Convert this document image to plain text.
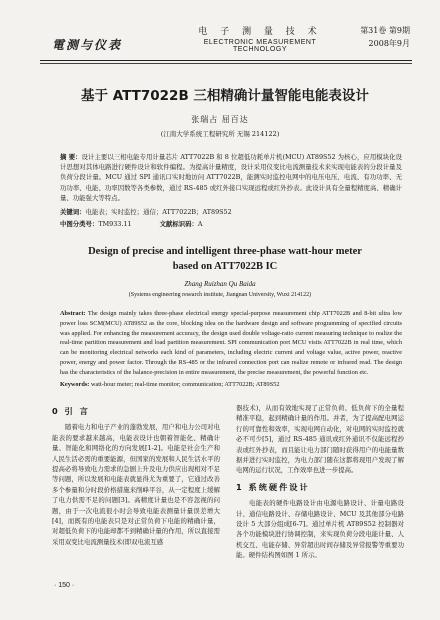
電测与仪表
电 子 测 量 技 术
ELECTRONIC MEASUREMENT TECHNOLOGY
第31卷 第9期
2008年9月
基于 ATT7022B 三相精确计量智能电能表设计
张瑞占 屈百达
(江南大学系统工程研究所 无锡 214122)
摘 要：设计主要以三相电能专用计量芯片 ATT7022B 和 8 位超低功耗单片机(MCU) AT89S52 为核心，应用模块化设计思想对其体电路进行硬件设计和软件编程。为提高计量精度，设计采用仪变比电流测量技术来实现电能表的分段计量及负荷分段计量。MCU 通过 SPI 通讯口实时地访问 ATT7022B，能测实时监控电网中的电压电压、电流、有功功率、无功功率、电能、功率因数等各类参数，通过 RS-485 或红外接口实现远程或红外抄表。此设计具有全量程精度高、精确计量、功能强大等特点。
关键词：电能表；实时监控；通信；ATT7022B；AT89S52
中图分类号：TM933.11	文献标识码：A
Design of precise and intelligent three-phase watt-hour meter
based on ATT7022B IC
Zhang Ruizhan Qu Baida
(Systems engineering research institute, Jiangnan University, Wuxi 214122)
Abstract: The design mainly takes three-phase electrical energy special-purpose measurement chip ATT7022B and 8-bit ultra low power loss SCM(MCU) AT89S52 as the core, blocking idea on the hardware design and software programming of specified circuits was applied. For enhancing the measurement accuracy, the design used double voltage-ratio current measuring technique to realize the real-time partition measurement and load partition measurement. SPI communication port MCU visits ATT7022B in real time, which can be monitoring electrical networks each kind of parameters, including electric current and voltage value, active power, reactive power, energy and power factor. Through the RS-485 or the infrared connection port can realize remote or infrared read. The design has the characteristics of the balance-precision in entire measurement, the precise measurement, the powerful function etc.
Keywords: watt-hour meter; real-time monitor; communication; ATT7022B; AT89S52
0 引 言

随着电力和电子产业的蓬勃发展，用户和电力公司对电能表的要求越来越高，电能表设计也朝着智能化、精确计量、智能化和网络化的方向发展[1-2]。电能是社会生产和人民生活必需的重要能源，但国家的发展和人民生活水平的提高必将导致电力需求的急剧上升及电力供应出现相对不足等问题，所以发展和电能表就显得尤为重要了，它通过改善多个参量和分时段价格措施来削峰平谷，从一定程度上缓解了电力供需不足的问题[3]。高精度计量也是不容忽视的问题，由于一次电流很小时会导致电能表测量计量误差增大[4]，而既有的电能表只是对正常负荷下电能的精确计量，对超低负荷下的电能却都不到精确计量的作用，所以直接需采用双变比电流测量技术(即双电流互感

器技术)，从而有效地实现了正常负荷、低负荷下的全量程精准平稳，起到精确计量的作用。并者，为了提高配电网运行的可靠性和效率，实现电网自动化，对电网的实时监控就必不可少[5]，通过 RS-485 通讯或红外通讯不仅能远程抄表或红外抄表，而且能让电力部门随时获得用户的电能量数据并进行实时监控，为电力部门随在这都将现用户发现了解电网的运行状况，工作效率也进一步提高。

1 系统硬件设计

电能表的硬件电路设计由电源电路设计、计量电路设计、通信电路设计、存储电路设计、MCU 及其他部分电路设计 5 大部分组成[6-7]。通过单片机 AT89S52 控制器对各个功能模块进行协调控制，来实现负荷分段电能计量、人机交互、电能存储、异常超出时间存储及异常报警等重要功能。硬件结构图如图 1 所示。

· 150 ·
